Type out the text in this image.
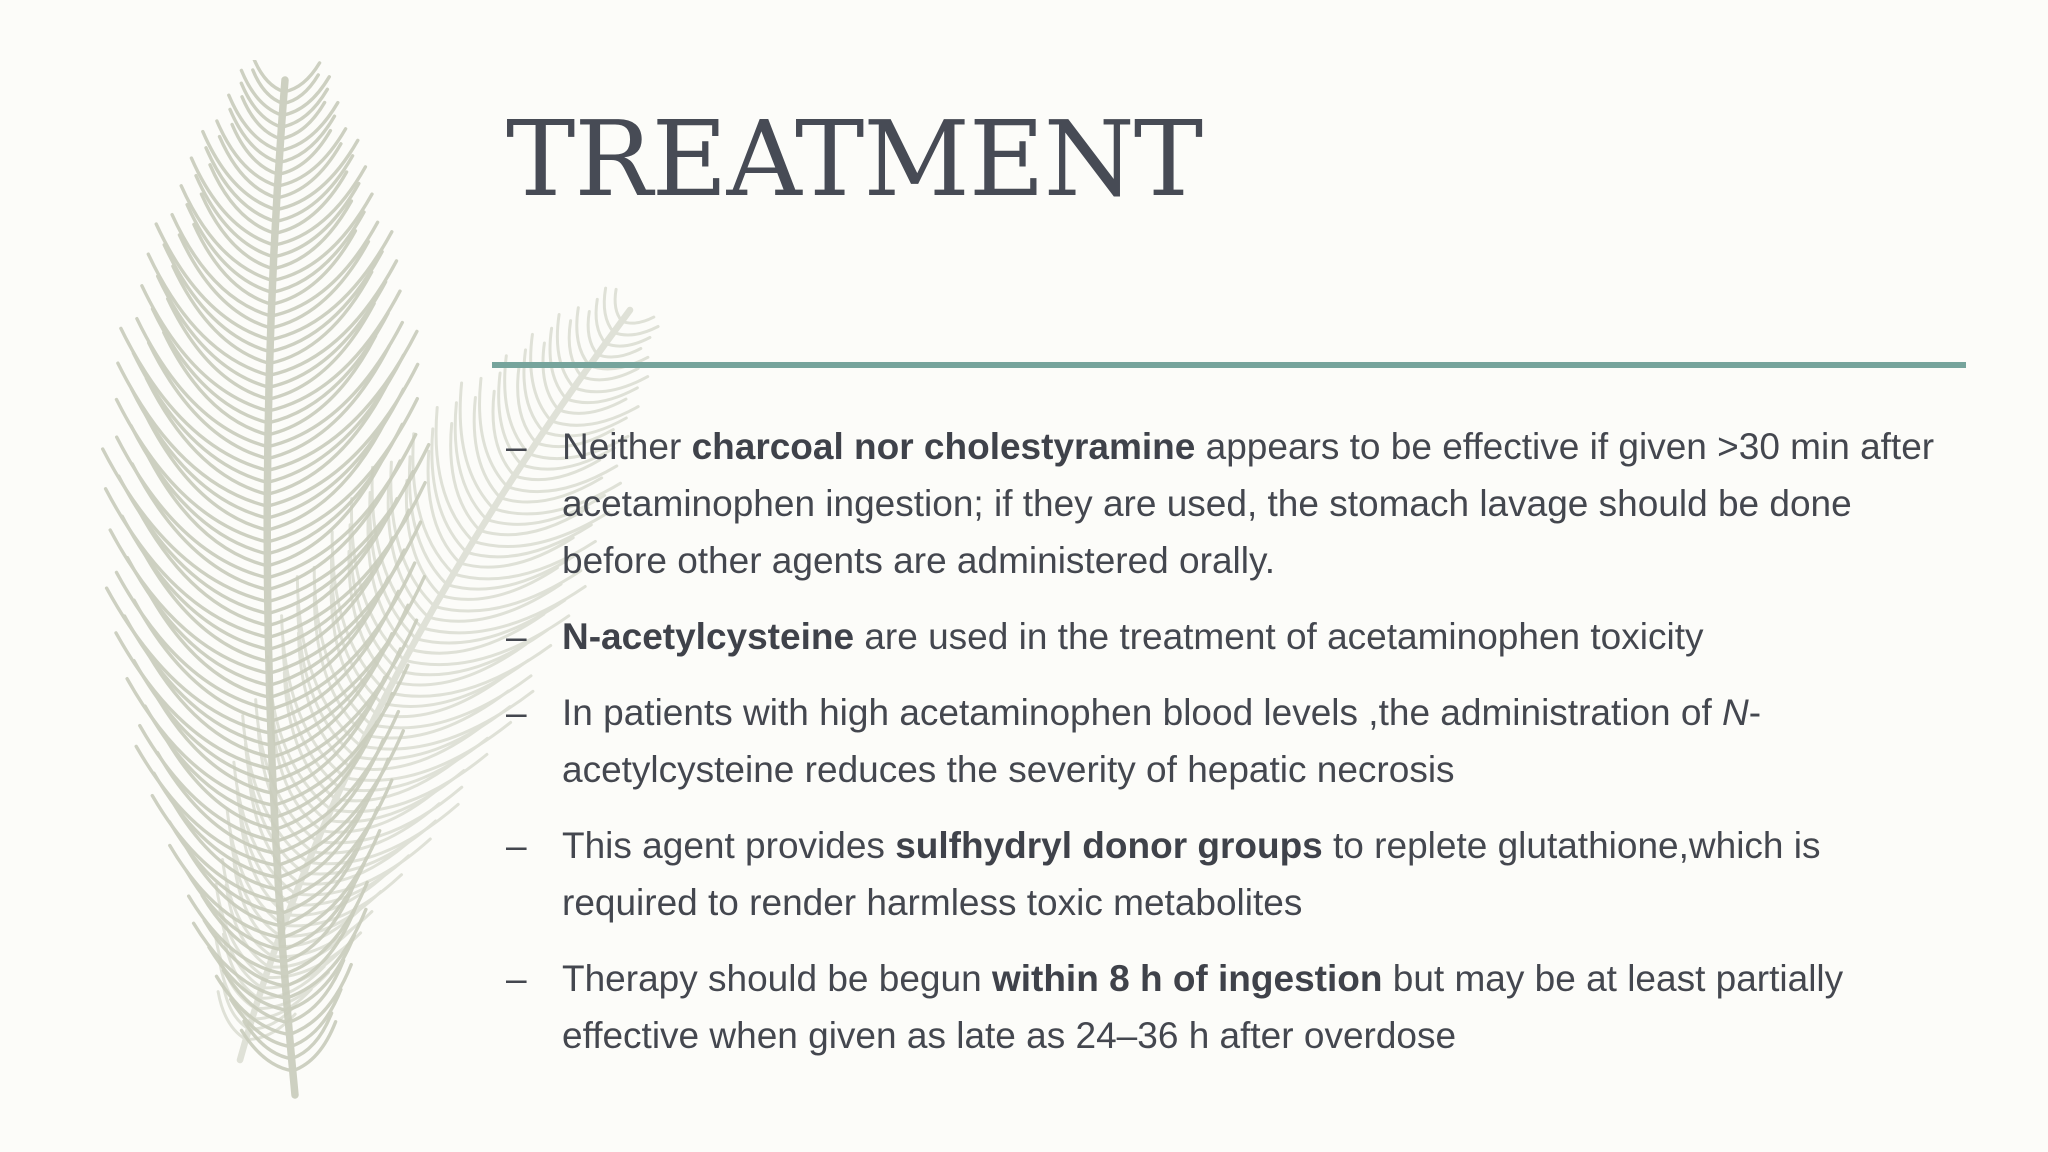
TREATMENT
– Neither charcoal nor cholestyramine appears to be effective if given >30 min after acetaminophen ingestion; if they are used, the stomach lavage should be done before other agents are administered orally.
– N-acetylcysteine are used in the treatment of acetaminophen toxicity
– In patients with high acetaminophen blood levels ,the administration of N-acetylcysteine reduces the severity of hepatic necrosis
– This agent provides sulfhydryl donor groups to replete glutathione,which is required to render harmless toxic metabolites
– Therapy should be begun within 8 h of ingestion but may be at least partially effective when given as late as 24–36 h after overdose
